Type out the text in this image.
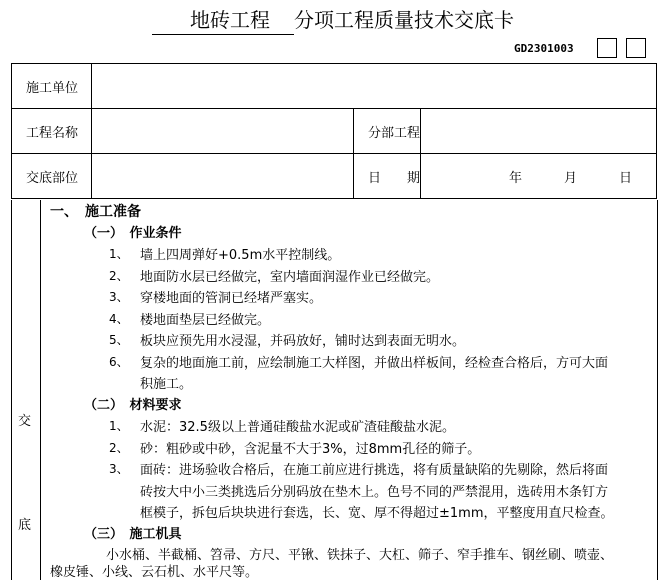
地砖工程 分项工程质量技术交底卡
GD2301003
施工单位			
工程名称		分部工程	
交底部位		日　　期	年 月 日
交
底
一、　施工准备
（一）　作业条件
1、 墙上四周弹好+0.5m水平控制线。
2、 地面防水层已经做完，室内墙面润湿作业已经做完。
3、 穿楼地面的管洞已经堵严塞实。
4、 楼地面垫层已经做完。
5、 板块应预先用水浸湿，并码放好，铺时达到表面无明水。
6、 复杂的地面施工前，应绘制施工大样图，并做出样板间，经检查合格后，方可大面
积施工。
（二）　材料要求
1、 水泥：32.5级以上普通硅酸盐水泥或矿渣硅酸盐水泥。
2、 砂：粗砂或中砂，含泥量不大于3%，过8mm孔径的筛子。
3、 面砖：进场验收合格后，在施工前应进行挑选，将有质量缺陷的先剔除，然后将面
砖按大中小三类挑选后分别码放在垫木上。色号不同的严禁混用，选砖用木条钉方
框模子，拆包后块块进行套选，长、宽、厚不得超过±1mm，平整度用直尺检查。
（三）　施工机具
小水桶、半截桶、笤帚、方尺、平锹、铁抹子、大杠、筛子、窄手推车、钢丝刷、喷壶、
橡皮锤、小线、云石机、水平尺等。
